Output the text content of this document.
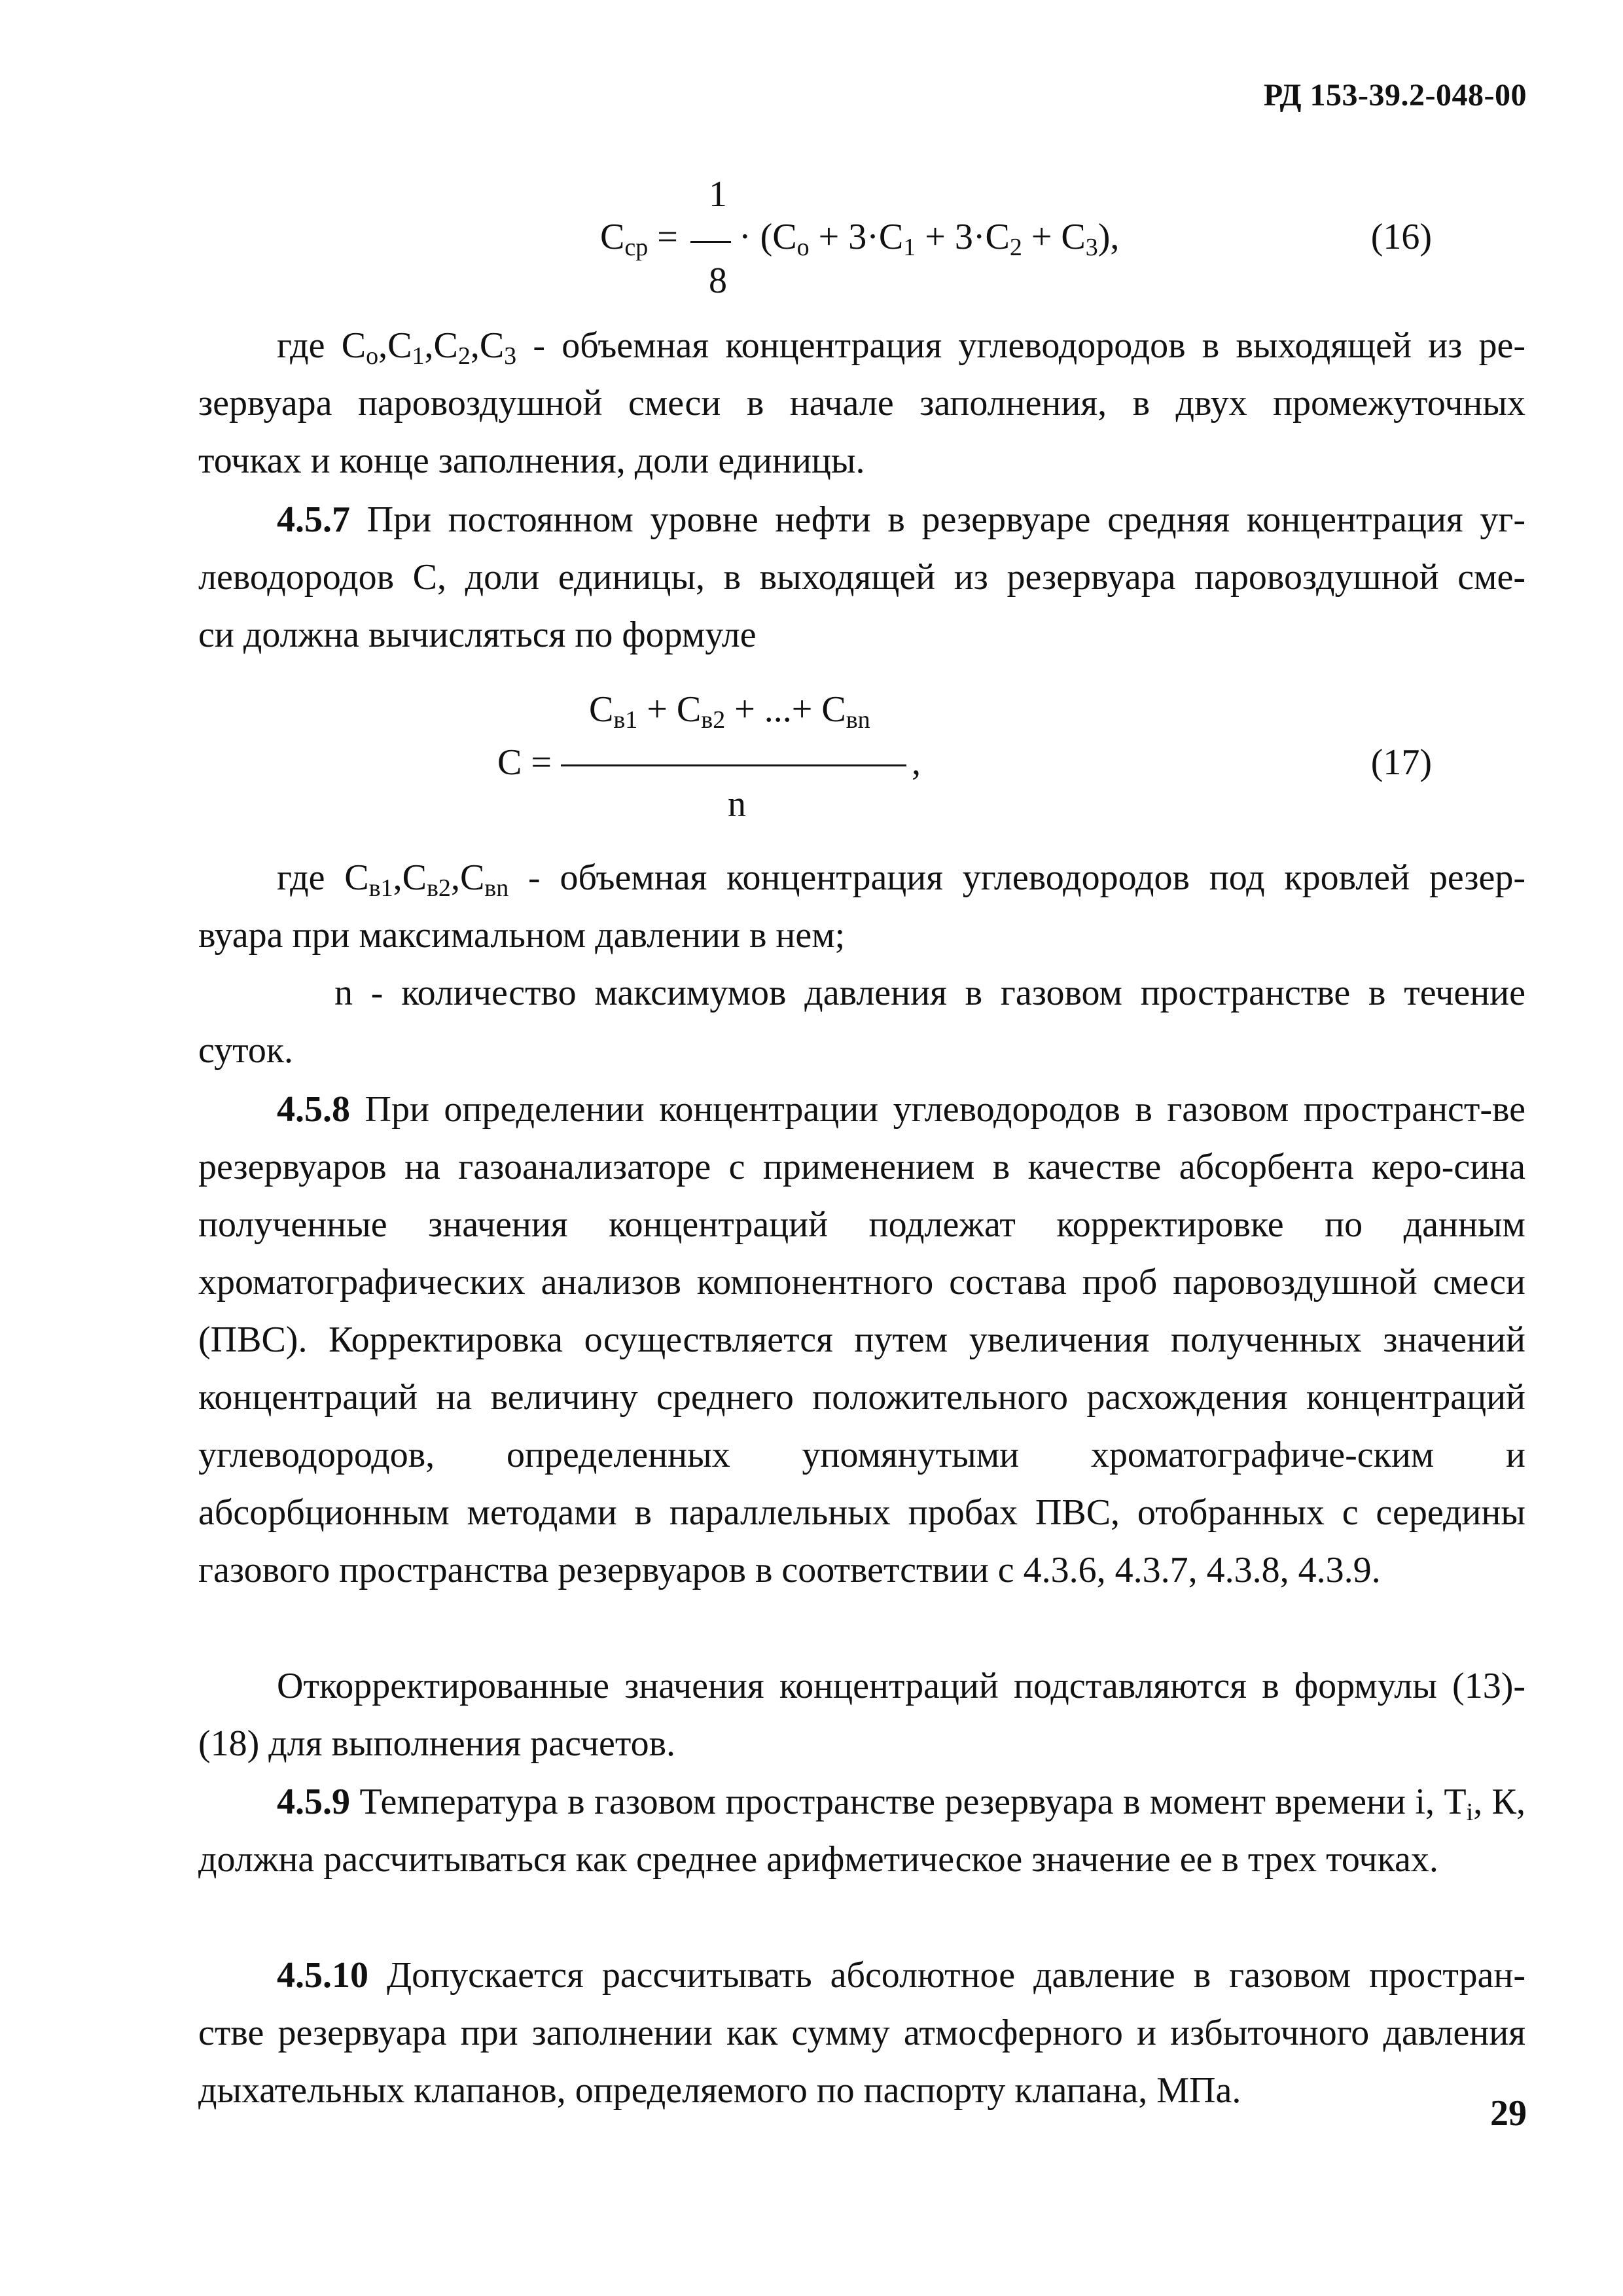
РД 153-39.2-048-00
1
$С_{ср}$ =
8
· $(С_о + 3\cdot С_1 + 3\cdot С_2 + С_3)$,	(16)
где $С_о,С_1,С_2,С_3$ - объемная концентрация углеводородов в выходящей из ре-
зервуара паровоздушной смеси в начале заполнения, в двух промежуточных
точках и конце заполнения, доли единицы.
4.5.7 При постоянном уровне нефти в резервуаре средняя концентрация уг-
леводородов С, доли единицы, в выходящей из резервуара паровоздушной сме-
си должна вычисляться по формуле
$С_{в1} + С_{в2}$ + ...+ $С_{вn}$
С =
n
,	(17)
где $С_{в1},С_{в2},С_{вn}$ - объемная концентрация углеводородов под кровлей резер-
вуара при максимальном давлении в нем;
n - количество максимумов давления в газовом пространстве в течение
суток.
4.5.8 При определении концентрации углеводородов в газовом пространст-ве резервуаров на газоанализаторе с применением в качестве абсорбента керо-сина полученные значения концентраций подлежат корректировке по данным хроматографических анализов компонентного состава проб паровоздушной смеси (ПВС). Корректировка осуществляется путем увеличения полученных значений концентраций на величину среднего положительного расхождения концентраций углеводородов, определенных упомянутыми хроматографиче-ским и абсорбционным методами в параллельных пробах ПВС, отобранных с середины газового пространства резервуаров в соответствии с 4.3.6, 4.3.7, 4.3.8, 4.3.9.
Откорректированные значения концентраций подставляются в формулы (13)-(18) для выполнения расчетов.
4.5.9 Температура в газовом пространстве резервуара в момент времени i, $Т_i$, К, должна рассчитываться как среднее арифметическое значение ее в трех точках.
4.5.10 Допускается рассчитывать абсолютное давление в газовом простран-стве резервуара при заполнении как сумму атмосферного и избыточного давления дыхательных клапанов, определяемого по паспорту клапана, МПа.
29
